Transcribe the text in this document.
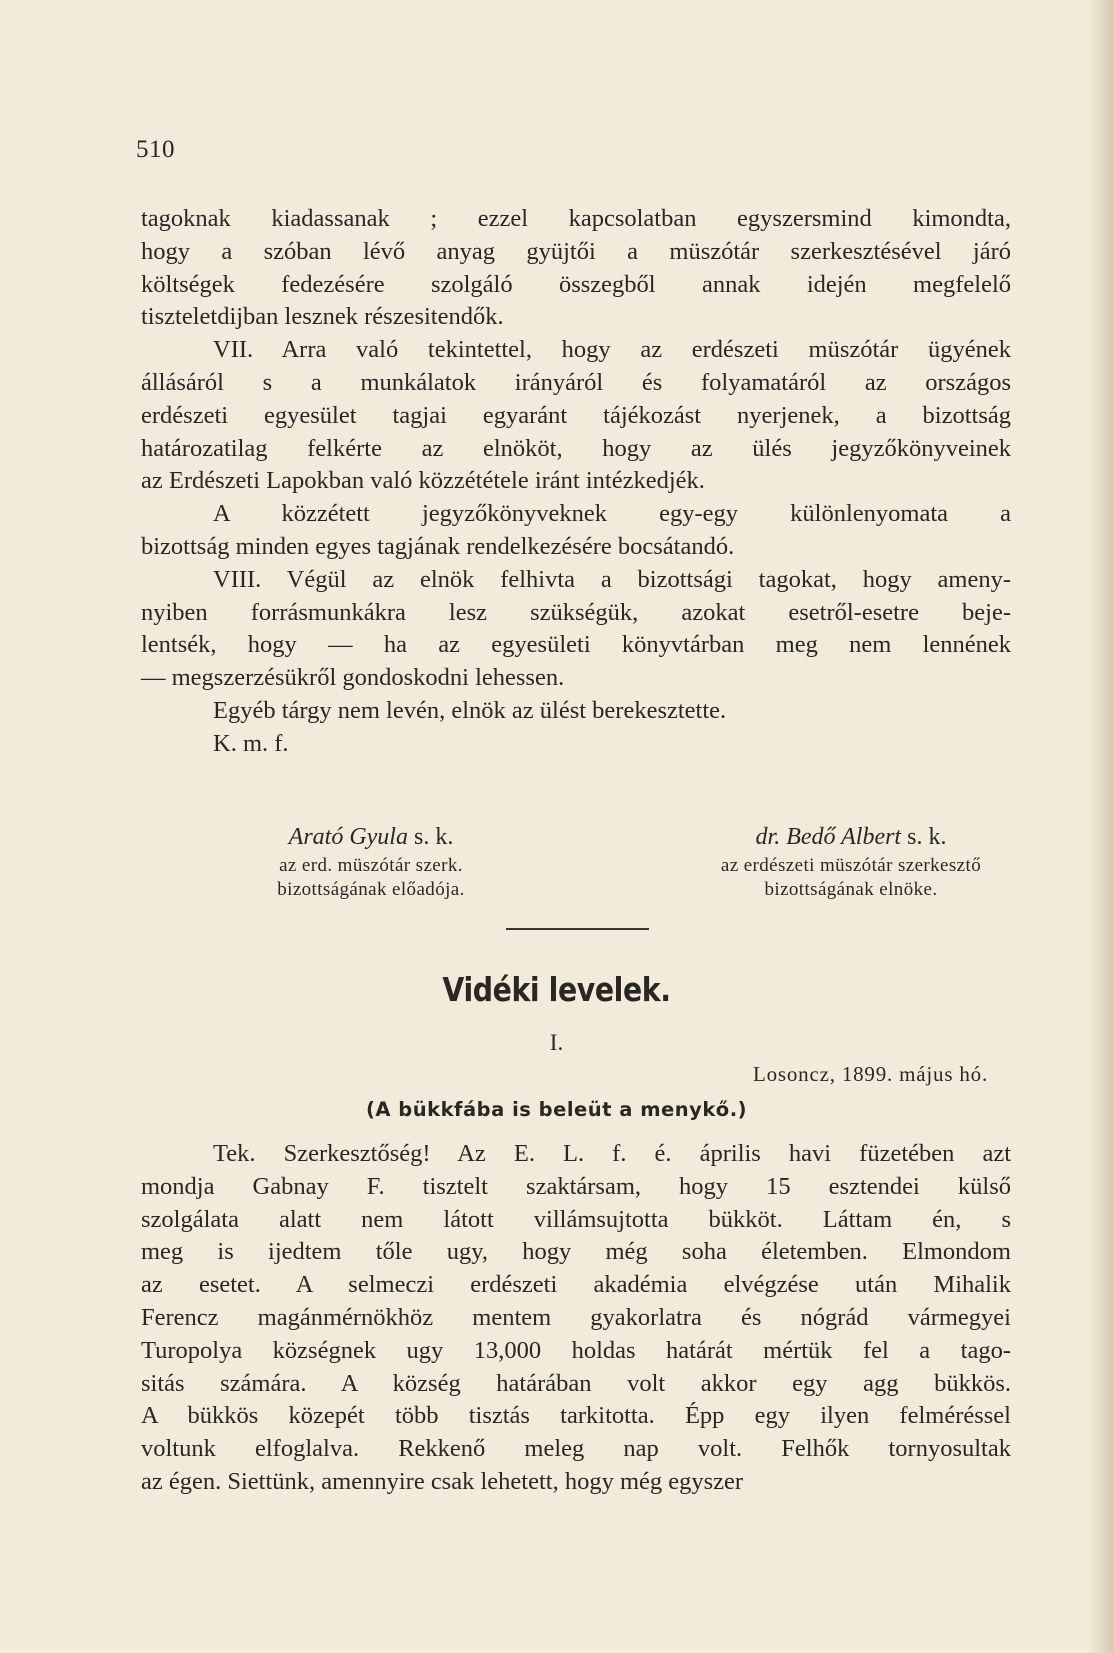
510

tagoknak kiadassanak ; ezzel kapcsolatban egyszersmind kimondta,

hogy a szóban lévő anyag gyüjtői a müszótár szerkesztésével járó

költségek fedezésére szolgáló összegből annak idején megfelelő

tiszteletdijban lesznek részesitendők.

VII. Arra való tekintettel, hogy az erdészeti müszótár ügyének

állásáról s a munkálatok irányáról és folyamatáról az országos

erdészeti egyesület tagjai egyaránt tájékozást nyerjenek, a bizottság

határozatilag felkérte az elnököt, hogy az ülés jegyzőkönyveinek

az Erdészeti Lapokban való közzététele iránt intézkedjék.

A közzétett jegyzőkönyveknek egy-egy különlenyomata a

bizottság minden egyes tagjának rendelkezésére bocsátandó.

VIII. Végül az elnök felhivta a bizottsági tagokat, hogy ameny-

nyiben forrásmunkákra lesz szükségük, azokat esetről-esetre beje-

lentsék, hogy — ha az egyesületi könyvtárban meg nem lennének

— megszerzésükről gondoskodni lehessen.

Egyéb tárgy nem levén, elnök az ülést berekesztette.

K. m. f.

Arató Gyula s. k.
az erd. müszótár szerk.
bizottságának előadója.
dr. Bedő Albert s. k.
az erdészeti müszótár szerkesztő
bizottságának elnöke.
Vidéki levelek.
I.
Losoncz, 1899. május hó.
(A bükkfába is beleüt a menykő.)

Tek. Szerkesztőség! Az E. L. f. é. április havi füzetében azt

mondja Gabnay F. tisztelt szaktársam, hogy 15 esztendei külső

szolgálata alatt nem látott villámsujtotta bükköt. Láttam én, s

meg is ijedtem tőle ugy, hogy még soha életemben. Elmondom

az esetet. A selmeczi erdészeti akadémia elvégzése után Mihalik

Ferencz magánmérnökhöz mentem gyakorlatra és nógrád vármegyei

Turopolya községnek ugy 13,000 holdas határát mértük fel a tago-

sitás számára. A község határában volt akkor egy agg bükkös.

A bükkös közepét több tisztás tarkitotta. Épp egy ilyen felméréssel

voltunk elfoglalva. Rekkenő meleg nap volt. Felhők tornyosultak

az égen. Siettünk, amennyire csak lehetett, hogy még egyszer
